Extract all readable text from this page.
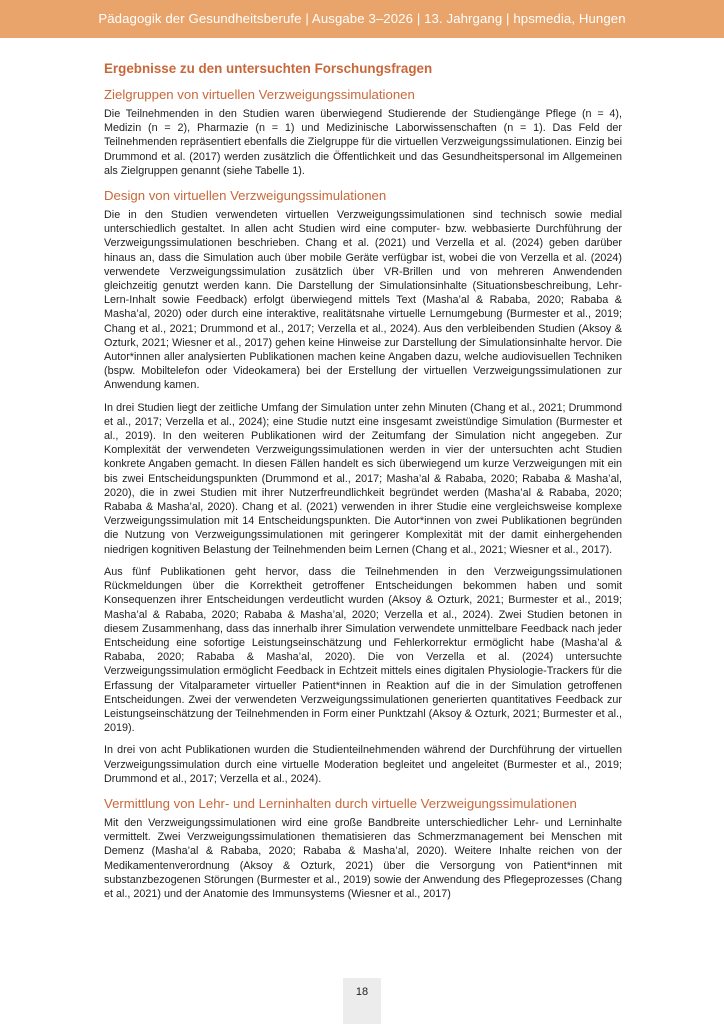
Pädagogik der Gesundheitsberufe | Ausgabe 3–2026 | 13. Jahrgang | hpsmedia, Hungen
Ergebnisse zu den untersuchten Forschungsfragen
Zielgruppen von virtuellen Verzweigungssimulationen

Die Teilnehmenden in den Studien waren überwiegend Studierende der Studiengänge Pflege (n = 4), Medizin (n = 2), Pharmazie (n = 1) und Medizinische Laborwissenschaften (n = 1). Das Feld der Teilnehmenden repräsentiert ebenfalls die Zielgruppe für die virtuellen Verzweigungssimulationen. Einzig bei Drummond et al. (2017) werden zusätzlich die Öffentlichkeit und das Gesundheitspersonal im Allgemeinen als Zielgruppen genannt (siehe Tabelle 1).

Design von virtuellen Verzweigungssimulationen

Die in den Studien verwendeten virtuellen Verzweigungssimulationen sind technisch sowie medial unterschiedlich gestaltet. In allen acht Studien wird eine computer- bzw. webbasierte Durchführung der Verzweigungssimulationen beschrieben. Chang et al. (2021) und Verzella et al. (2024) geben darüber hinaus an, dass die Simulation auch über mobile Geräte verfügbar ist, wobei die von Verzella et al. (2024) verwendete Verzweigungssimulation zusätzlich über VR-Brillen und von mehreren Anwendenden gleichzeitig genutzt werden kann. Die Darstellung der Simulationsinhalte (Situationsbeschreibung, Lehr-Lern-Inhalt sowie Feedback) erfolgt überwiegend mittels Text (Masha’al & Rababa, 2020; Rababa & Masha’al, 2020) oder durch eine interaktive, realitätsnahe virtuelle Lernumgebung (Burmester et al., 2019; Chang et al., 2021; Drummond et al., 2017; Verzella et al., 2024). Aus den verbleibenden Studien (Aksoy & Ozturk, 2021; Wiesner et al., 2017) gehen keine Hinweise zur Darstellung der Simulationsinhalte hervor. Die Autor*innen aller analysierten Publikationen machen keine Angaben dazu, welche audiovisuellen Techniken (bspw. Mobiltelefon oder Videokamera) bei der Erstellung der virtuellen Verzweigungssimulationen zur Anwendung kamen.

In drei Studien liegt der zeitliche Umfang der Simulation unter zehn Minuten (Chang et al., 2021; Drummond et al., 2017; Verzella et al., 2024); eine Studie nutzt eine insgesamt zweistündige Simulation (Burmester et al., 2019). In den weiteren Publikationen wird der Zeitumfang der Simulation nicht angegeben. Zur Komplexität der verwendeten Verzweigungssimulationen werden in vier der untersuchten acht Studien konkrete Angaben gemacht. In diesen Fällen handelt es sich überwiegend um kurze Verzweigungen mit ein bis zwei Entscheidungspunkten (Drummond et al., 2017; Masha’al & Rababa, 2020; Rababa & Masha’al, 2020), die in zwei Studien mit ihrer Nutzerfreundlichkeit begründet werden (Masha’al & Rababa, 2020; Rababa & Masha’al, 2020). Chang et al. (2021) verwenden in ihrer Studie eine vergleichsweise komplexe Verzweigungssimulation mit 14 Entscheidungspunkten. Die Autor*innen von zwei Publikationen begründen die Nutzung von Verzweigungssimulationen mit geringerer Komplexität mit der damit einhergehenden niedrigen kognitiven Belastung der Teilnehmenden beim Lernen (Chang et al., 2021; Wiesner et al., 2017).

Aus fünf Publikationen geht hervor, dass die Teilnehmenden in den Verzweigungssimulationen Rückmeldungen über die Korrektheit getroffener Entscheidungen bekommen haben und somit Konsequenzen ihrer Entscheidungen verdeutlicht wurden (Aksoy & Ozturk, 2021; Burmester et al., 2019; Masha’al & Rababa, 2020; Rababa & Masha’al, 2020; Verzella et al., 2024). Zwei Studien betonen in diesem Zusammenhang, dass das innerhalb ihrer Simulation verwendete unmittelbare Feedback nach jeder Entscheidung eine sofortige Leistungseinschätzung und Fehlerkorrektur ermöglicht habe (Masha’al & Rababa, 2020; Rababa & Masha’al, 2020). Die von Verzella et al. (2024) untersuchte Verzweigungssimulation ermöglicht Feedback in Echtzeit mittels eines digitalen Physiologie-Trackers für die Erfassung der Vitalparameter virtueller Patient*innen in Reaktion auf die in der Simulation getroffenen Entscheidungen. Zwei der verwendeten Verzweigungssimulationen generierten quantitatives Feedback zur Leistungseinschätzung der Teilnehmenden in Form einer Punktzahl (Aksoy & Ozturk, 2021; Burmester et al., 2019).

In drei von acht Publikationen wurden die Studienteilnehmenden während der Durchführung der virtuellen Verzweigungssimulation durch eine virtuelle Moderation begleitet und angeleitet (Burmester et al., 2019; Drummond et al., 2017; Verzella et al., 2024).

Vermittlung von Lehr- und Lerninhalten durch virtuelle Verzweigungssimulationen

Mit den Verzweigungssimulationen wird eine große Bandbreite unterschiedlicher Lehr- und Lerninhalte vermittelt. Zwei Verzweigungssimulationen thematisieren das Schmerzmanagement bei Menschen mit Demenz (Masha’al & Rababa, 2020; Rababa & Masha’al, 2020). Weitere Inhalte reichen von der Medikamentenverordnung (Aksoy & Ozturk, 2021) über die Versorgung von Patient*innen mit substanzbezogenen Störungen (Burmester et al., 2019) sowie der Anwendung des Pflegeprozesses (Chang et al., 2021) und der Anatomie des Immunsystems (Wiesner et al., 2017)

18
